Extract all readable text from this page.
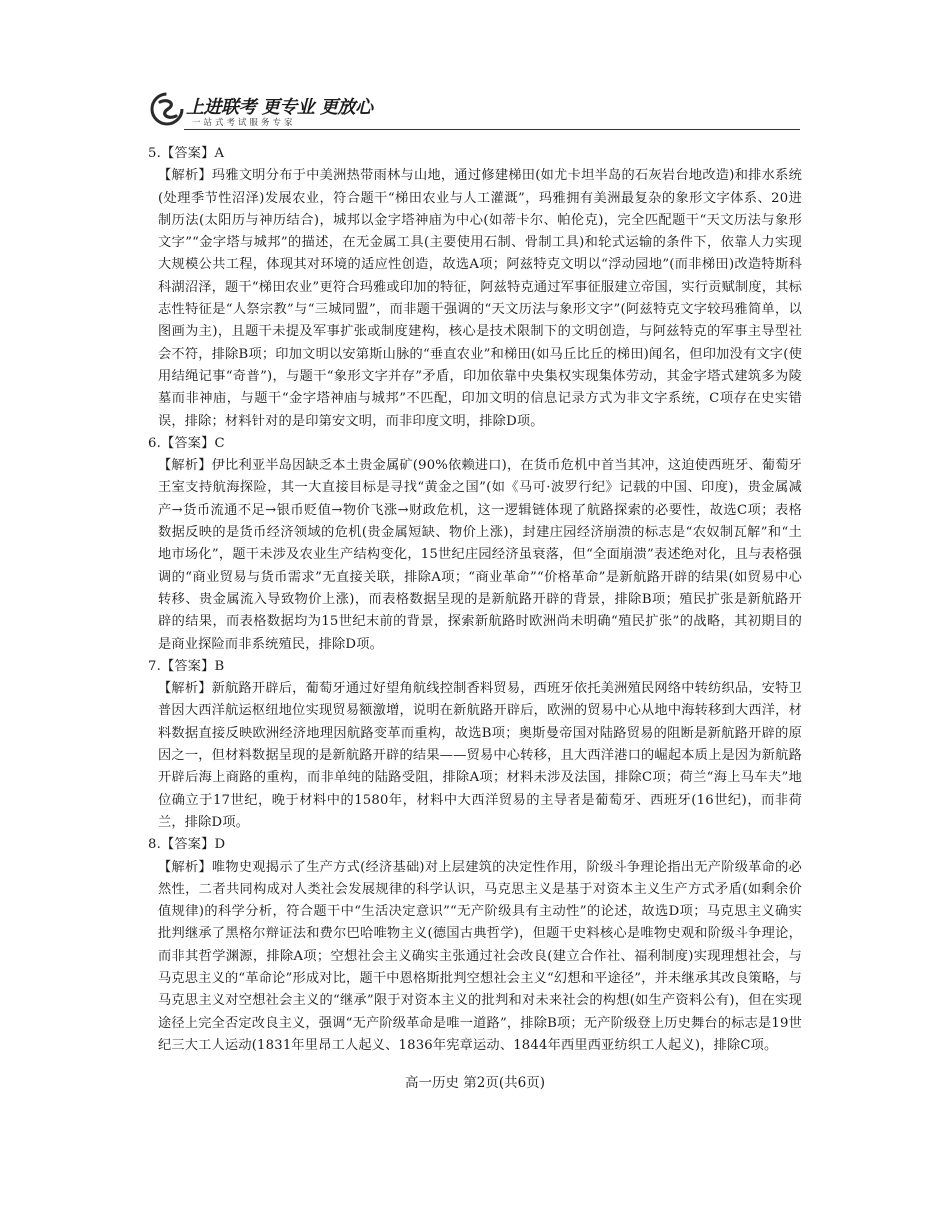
上进联考 更专业 更放心
一站式考试服务专家

5.【答案】A

【解析】玛雅文明分布于中美洲热带雨林与山地，通过修建梯田(如尤卡坦半岛的石灰岩台地改造)和排水系统(处理季节性沼泽)发展农业，符合题干“梯田农业与人工灌溉”，玛雅拥有美洲最复杂的象形文字体系、20进制历法(太阳历与神历结合)，城邦以金字塔神庙为中心(如蒂卡尔、帕伦克)，完全匹配题干“天文历法与象形文字”“金字塔与城邦”的描述，在无金属工具(主要使用石制、骨制工具)和轮式运输的条件下，依靠人力实现大规模公共工程，体现其对环境的适应性创造，故选A项；阿兹特克文明以“浮动园地”(而非梯田)改造特斯科科湖沼泽，题干“梯田农业”更符合玛雅或印加的特征，阿兹特克通过军事征服建立帝国，实行贡赋制度，其标志性特征是“人祭宗教”与“三城同盟”，而非题干强调的“天文历法与象形文字”(阿兹特克文字较玛雅简单，以图画为主)，且题干未提及军事扩张或制度建构，核心是技术限制下的文明创造，与阿兹特克的军事主导型社会不符，排除B项；印加文明以安第斯山脉的“垂直农业”和梯田(如马丘比丘的梯田)闻名，但印加没有文字(使用结绳记事“奇普”)，与题干“象形文字并存”矛盾，印加依靠中央集权实现集体劳动，其金字塔式建筑多为陵墓而非神庙，与题干“金字塔神庙与城邦”不匹配，印加文明的信息记录方式为非文字系统，C项存在史实错误，排除；材料针对的是印第安文明，而非印度文明，排除D项。

6.【答案】C

【解析】伊比利亚半岛因缺乏本土贵金属矿(90%依赖进口)，在货币危机中首当其冲，这迫使西班牙、葡萄牙王室支持航海探险，其一大直接目标是寻找“黄金之国”(如《马可·波罗行纪》记载的中国、印度)，贵金属减产→货币流通不足→银币贬值→物价飞涨→财政危机，这一逻辑链体现了航路探索的必要性，故选C项；表格数据反映的是货币经济领域的危机(贵金属短缺、物价上涨)，封建庄园经济崩溃的标志是“农奴制瓦解”和“土地市场化”，题干未涉及农业生产结构变化，15世纪庄园经济虽衰落，但“全面崩溃”表述绝对化，且与表格强调的“商业贸易与货币需求”无直接关联，排除A项；“商业革命”“价格革命”是新航路开辟的结果(如贸易中心转移、贵金属流入导致物价上涨)，而表格数据呈现的是新航路开辟的背景，排除B项；殖民扩张是新航路开辟的结果，而表格数据均为15世纪末前的背景，探索新航路时欧洲尚未明确“殖民扩张”的战略，其初期目的是商业探险而非系统殖民，排除D项。

7.【答案】B

【解析】新航路开辟后，葡萄牙通过好望角航线控制香料贸易，西班牙依托美洲殖民网络中转纺织品，安特卫普因大西洋航运枢纽地位实现贸易额激增，说明在新航路开辟后，欧洲的贸易中心从地中海转移到大西洋，材料数据直接反映欧洲经济地理因航路变革而重构，故选B项；奥斯曼帝国对陆路贸易的阻断是新航路开辟的原因之一，但材料数据呈现的是新航路开辟的结果——贸易中心转移，且大西洋港口的崛起本质上是因为新航路开辟后海上商路的重构，而非单纯的陆路受阻，排除A项；材料未涉及法国，排除C项；荷兰“海上马车夫”地位确立于17世纪，晚于材料中的1580年，材料中大西洋贸易的主导者是葡萄牙、西班牙(16世纪)，而非荷兰，排除D项。

8.【答案】D

【解析】唯物史观揭示了生产方式(经济基础)对上层建筑的决定性作用，阶级斗争理论指出无产阶级革命的必然性，二者共同构成对人类社会发展规律的科学认识，马克思主义是基于对资本主义生产方式矛盾(如剩余价值规律)的科学分析，符合题干中“生活决定意识”“无产阶级具有主动性”的论述，故选D项；马克思主义确实批判继承了黑格尔辩证法和费尔巴哈唯物主义(德国古典哲学)，但题干史料核心是唯物史观和阶级斗争理论，而非其哲学渊源，排除A项；空想社会主义确实主张通过社会改良(建立合作社、福利制度)实现理想社会，与马克思主义的“革命论”形成对比，题干中恩格斯批判空想社会主义“幻想和平途径”，并未继承其改良策略，与马克思主义对空想社会主义的“继承”限于对资本主义的批判和对未来社会的构想(如生产资料公有)，但在实现途径上完全否定改良主义，强调“无产阶级革命是唯一道路”，排除B项；无产阶级登上历史舞台的标志是19世纪三大工人运动(1831年里昂工人起义、1836年宪章运动、1844年西里西亚纺织工人起义)，排除C项。

高一历史 第2页(共6页)
